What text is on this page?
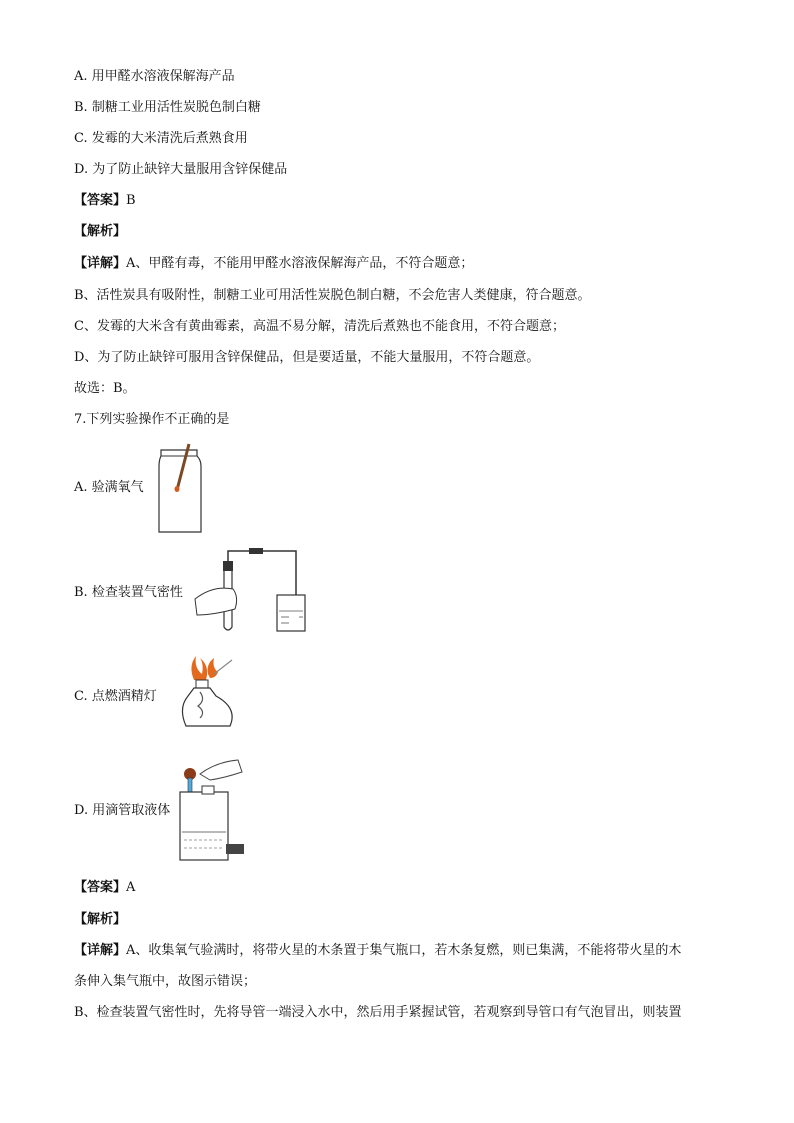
A. 用甲醛水溶液保解海产品
B. 制糖工业用活性炭脱色制白糖
C. 发霉的大米清洗后煮熟食用
D. 为了防止缺锌大量服用含锌保健品
【答案】B
【解析】
【详解】A、甲醛有毒，不能用甲醛水溶液保解海产品，不符合题意；
B、活性炭具有吸附性，制糖工业可用活性炭脱色制白糖，不会危害人类健康，符合题意。
C、发霉的大米含有黄曲霉素，高温不易分解，清洗后煮熟也不能食用，不符合题意；
D、为了防止缺锌可服用含锌保健品，但是要适量，不能大量服用，不符合题意。
故选：B。
7.下列实验操作不正确的是
A. 验满氧气
B. 检查装置气密性
C. 点燃酒精灯
D. 用滴管取液体
【答案】A
【解析】
【详解】A、收集氧气验满时，将带火星的木条置于集气瓶口，若木条复燃，则已集满，不能将带火星的木
条伸入集气瓶中，故图示错误；
B、检查装置气密性时，先将导管一端浸入水中，然后用手紧握试管，若观察到导管口有气泡冒出，则装置
